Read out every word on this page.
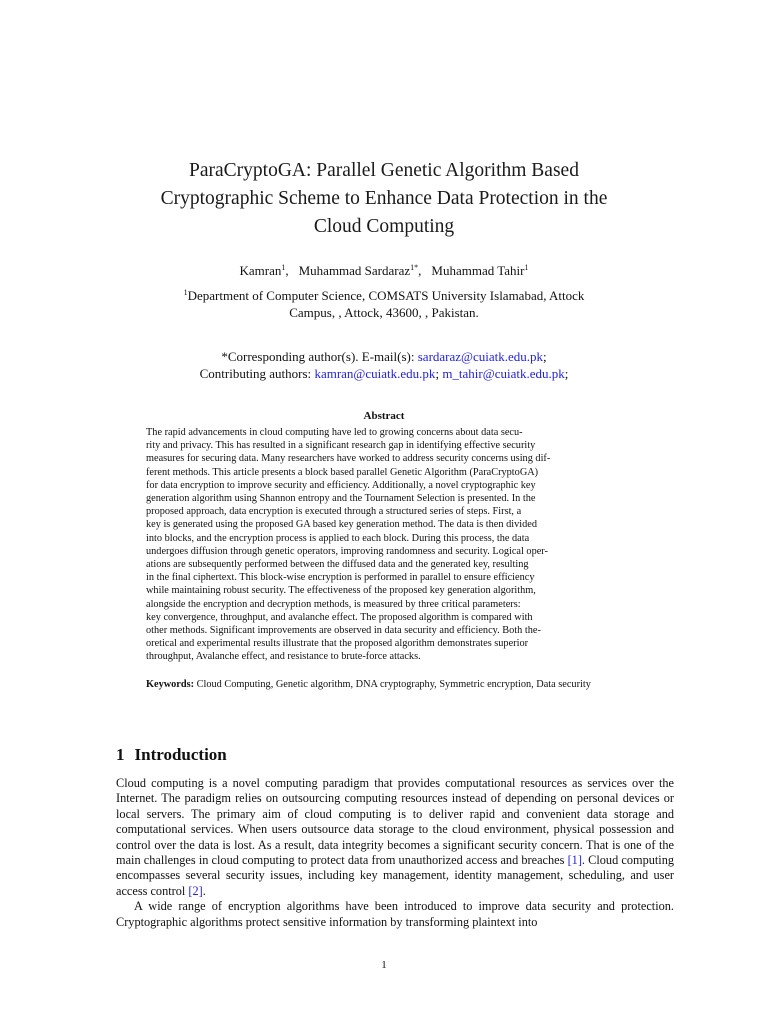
ParaCryptoGA: Parallel Genetic Algorithm Based
Cryptographic Scheme to Enhance Data Protection in the
Cloud Computing
Kamran$^1$, Muhammad Sardaraz$^{1*}$, Muhammad Tahir$^1$
$^1$Department of Computer Science, COMSATS University Islamabad, Attock
Campus, , Attock, 43600, , Pakistan.
*Corresponding author(s). E-mail(s): sardaraz@cuiatk.edu.pk;
Contributing authors: kamran@cuiatk.edu.pk; m_tahir@cuiatk.edu.pk;
Abstract
The rapid advancements in cloud computing have led to growing concerns about data secu-
rity and privacy. This has resulted in a significant research gap in identifying effective security
measures for securing data. Many researchers have worked to address security concerns using dif-
ferent methods. This article presents a block based parallel Genetic Algorithm (ParaCryptoGA)
for data encryption to improve security and efficiency. Additionally, a novel cryptographic key
generation algorithm using Shannon entropy and the Tournament Selection is presented. In the
proposed approach, data encryption is executed through a structured series of steps. First, a
key is generated using the proposed GA based key generation method. The data is then divided
into blocks, and the encryption process is applied to each block. During this process, the data
undergoes diffusion through genetic operators, improving randomness and security. Logical oper-
ations are subsequently performed between the diffused data and the generated key, resulting
in the final ciphertext. This block-wise encryption is performed in parallel to ensure efficiency
while maintaining robust security. The effectiveness of the proposed key generation algorithm,
alongside the encryption and decryption methods, is measured by three critical parameters:
key convergence, throughput, and avalanche effect. The proposed algorithm is compared with
other methods. Significant improvements are observed in data security and efficiency. Both the-
oretical and experimental results illustrate that the proposed algorithm demonstrates superior
throughput, Avalanche effect, and resistance to brute-force attacks.
Keywords: Cloud Computing, Genetic algorithm, DNA cryptography, Symmetric encryption, Data security
1 Introduction

Cloud computing is a novel computing paradigm that provides computational resources as services over the Internet. The paradigm relies on outsourcing computing resources instead of depending on personal devices or local servers. The primary aim of cloud computing is to deliver rapid and convenient data storage and computational services. When users outsource data storage to the cloud environment, physical possession and control over the data is lost. As a result, data integrity becomes a significant security concern. That is one of the main challenges in cloud computing to protect data from unauthorized access and breaches [1]. Cloud computing encompasses several security issues, including key management, identity management, scheduling, and user access control [2].

A wide range of encryption algorithms have been introduced to improve data security and protection. Cryptographic algorithms protect sensitive information by transforming plaintext into

1
